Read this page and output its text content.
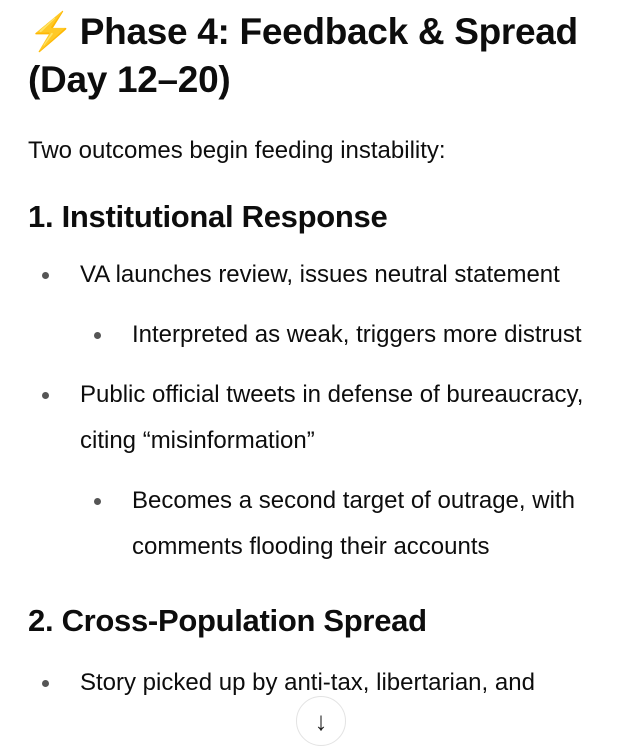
⚡ Phase 4: Feedback & Spread (Day 12–20)

Two outcomes begin feeding instability:

1. Institutional Response
VA launches review, issues neutral statement
Interpreted as weak, triggers more distrust
Public official tweets in defense of bureaucracy, citing “misinformation”
Becomes a second target of outrage, with comments flooding their accounts
2. Cross-Population Spread
Story picked up by anti-tax, libertarian, and
↓
